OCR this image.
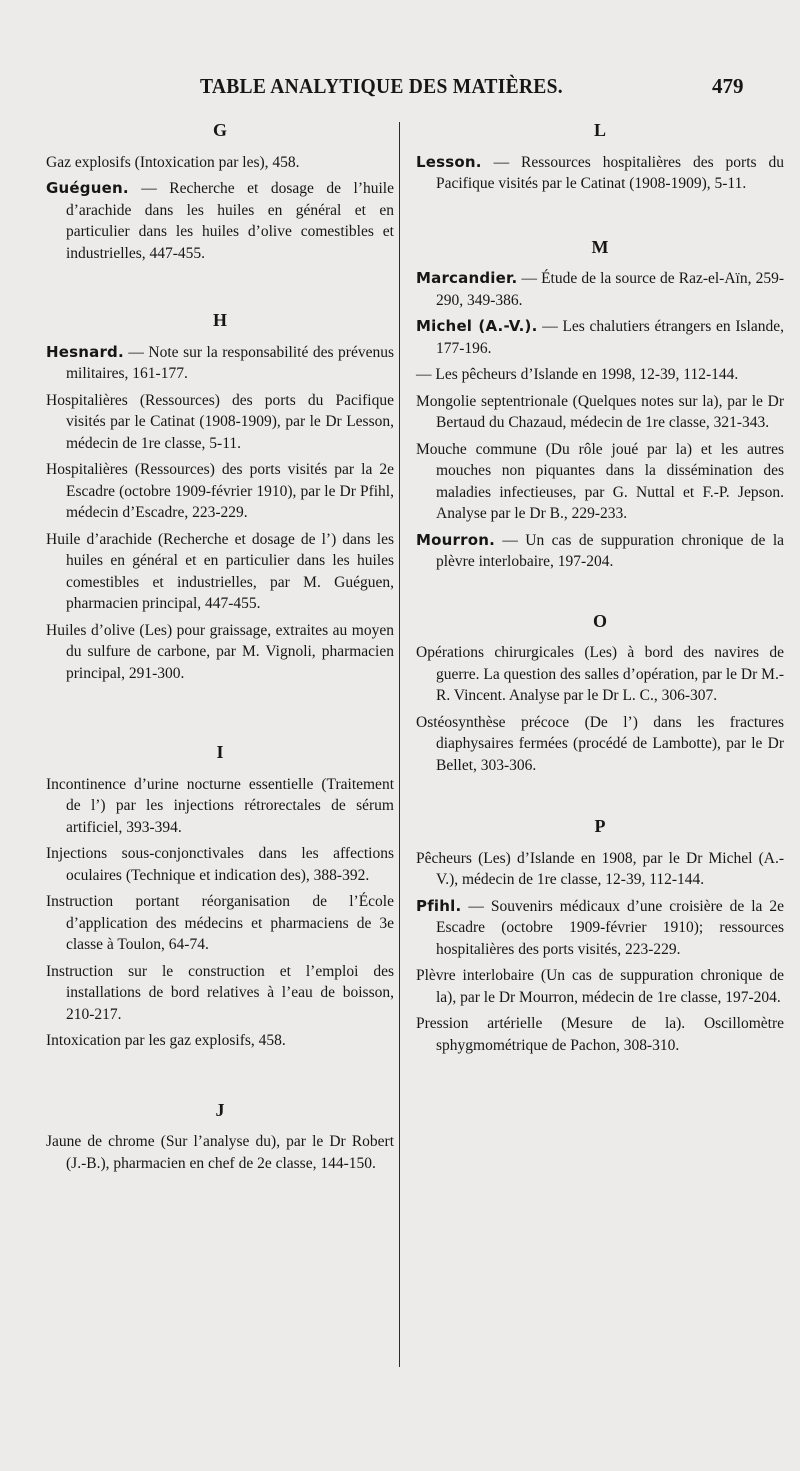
TABLE ANALYTIQUE DES MATIÈRES.	479
G

Gaz explosifs (Intoxication par les), 458.

Guéguen. — Recherche et dosage de l’huile d’arachide dans les huiles en général et en particulier dans les huiles d’olive comestibles et industrielles, 447-455.

H

Hesnard. — Note sur la responsabilité des prévenus militaires, 161-177.

Hospitalières (Ressources) des ports du Pacifique visités par le Catinat (1908-1909), par le Dr Lesson, médecin de 1re classe, 5-11.

Hospitalières (Ressources) des ports visités par la 2e Escadre (octobre 1909-février 1910), par le Dr Pfihl, médecin d’Escadre, 223-229.

Huile d’arachide (Recherche et dosage de l’) dans les huiles en général et en particulier dans les huiles comestibles et industrielles, par M. Guéguen, pharmacien principal, 447-455.

Huiles d’olive (Les) pour graissage, extraites au moyen du sulfure de carbone, par M. Vignoli, pharmacien principal, 291-300.

I

Incontinence d’urine nocturne essentielle (Traitement de l’) par les injections rétrorectales de sérum artificiel, 393-394.

Injections sous-conjonctivales dans les affections oculaires (Technique et indication des), 388-392.

Instruction portant réorganisation de l’École d’application des médecins et pharmaciens de 3e classe à Toulon, 64-74.

Instruction sur le construction et l’emploi des installations de bord relatives à l’eau de boisson, 210-217.

Intoxication par les gaz explosifs, 458.

J

Jaune de chrome (Sur l’analyse du), par le Dr Robert (J.-B.), pharmacien en chef de 2e classe, 144-150.

L

Lesson. — Ressources hospitalières des ports du Pacifique visités par le Catinat (1908-1909), 5-11.

M

Marcandier. — Étude de la source de Raz-el-Aïn, 259-290, 349-386.

Michel (A.-V.). — Les chalutiers étrangers en Islande, 177-196.

— Les pêcheurs d’Islande en 1998, 12-39, 112-144.

Mongolie septentrionale (Quelques notes sur la), par le Dr Bertaud du Chazaud, médecin de 1re classe, 321-343.

Mouche commune (Du rôle joué par la) et les autres mouches non piquantes dans la dissémination des maladies infectieuses, par G. Nuttal et F.-P. Jepson. Analyse par le Dr B., 229-233.

Mourron. — Un cas de suppuration chronique de la plèvre interlobaire, 197-204.

O

Opérations chirurgicales (Les) à bord des navires de guerre. La question des salles d’opération, par le Dr M.-R. Vincent. Analyse par le Dr L. C., 306-307.

Ostéosynthèse précoce (De l’) dans les fractures diaphysaires fermées (procédé de Lambotte), par le Dr Bellet, 303-306.

P

Pêcheurs (Les) d’Islande en 1908, par le Dr Michel (A.-V.), médecin de 1re classe, 12-39, 112-144.

Pfihl. — Souvenirs médicaux d’une croisière de la 2e Escadre (octobre 1909-février 1910); ressources hospitalières des ports visités, 223-229.

Plèvre interlobaire (Un cas de suppuration chronique de la), par le Dr Mourron, médecin de 1re classe, 197-204.

Pression artérielle (Mesure de la). Oscillomètre sphygmométrique de Pachon, 308-310.
